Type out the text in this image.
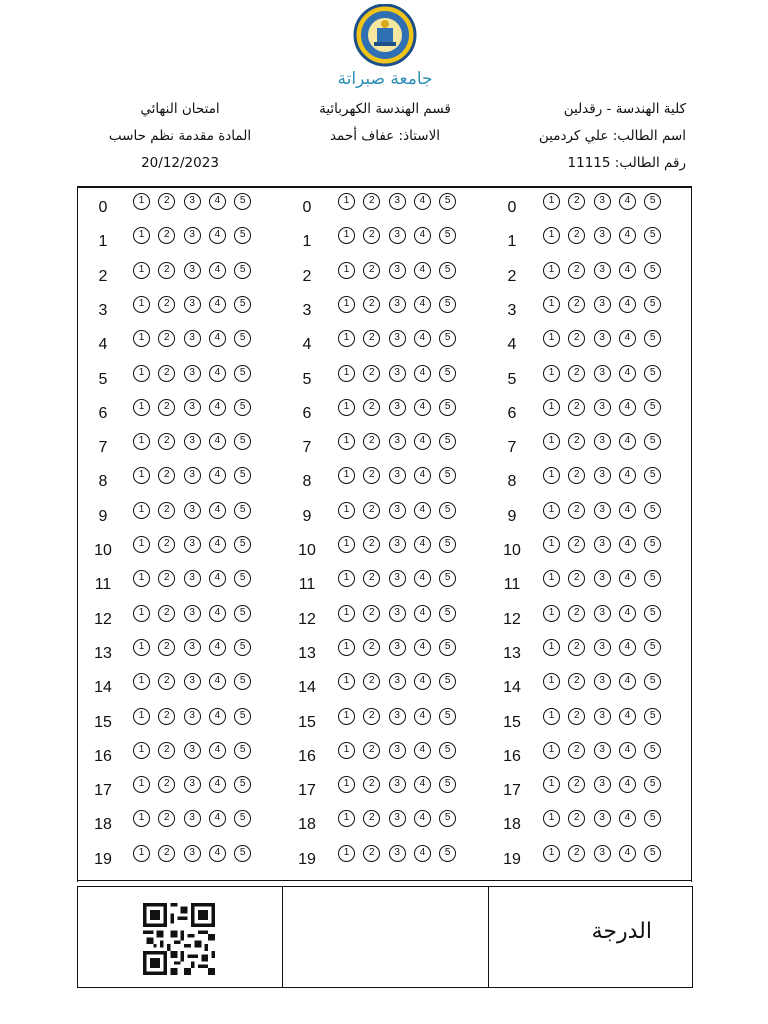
جامعة صبراتة
كلية الهندسة - رقدلين
اسم الطالب: علي كردمين
رقم الطالب: 11115
قسم الهندسة الكهربائية
الاستاذ: عفاف أحمد
امتحان النهائي
المادة مقدمة نظم حاسب
20/12/2023
0	1	2	3	4	5
1	1	2	3	4	5
2	1	2	3	4	5
3	1	2	3	4	5
4	1	2	3	4	5
5	1	2	3	4	5
6	1	2	3	4	5
7	1	2	3	4	5
8	1	2	3	4	5
9	1	2	3	4	5
10	1	2	3	4	5
11	1	2	3	4	5
12	1	2	3	4	5
13	1	2	3	4	5
14	1	2	3	4	5
15	1	2	3	4	5
16	1	2	3	4	5
17	1	2	3	4	5
18	1	2	3	4	5
19	1	2	3	4	5
0	1	2	3	4	5
1	1	2	3	4	5
2	1	2	3	4	5
3	1	2	3	4	5
4	1	2	3	4	5
5	1	2	3	4	5
6	1	2	3	4	5
7	1	2	3	4	5
8	1	2	3	4	5
9	1	2	3	4	5
10	1	2	3	4	5
11	1	2	3	4	5
12	1	2	3	4	5
13	1	2	3	4	5
14	1	2	3	4	5
15	1	2	3	4	5
16	1	2	3	4	5
17	1	2	3	4	5
18	1	2	3	4	5
19	1	2	3	4	5
0	1	2	3	4	5
1	1	2	3	4	5
2	1	2	3	4	5
3	1	2	3	4	5
4	1	2	3	4	5
5	1	2	3	4	5
6	1	2	3	4	5
7	1	2	3	4	5
8	1	2	3	4	5
9	1	2	3	4	5
10	1	2	3	4	5
11	1	2	3	4	5
12	1	2	3	4	5
13	1	2	3	4	5
14	1	2	3	4	5
15	1	2	3	4	5
16	1	2	3	4	5
17	1	2	3	4	5
18	1	2	3	4	5
19	1	2	3	4	5
الدرجة
